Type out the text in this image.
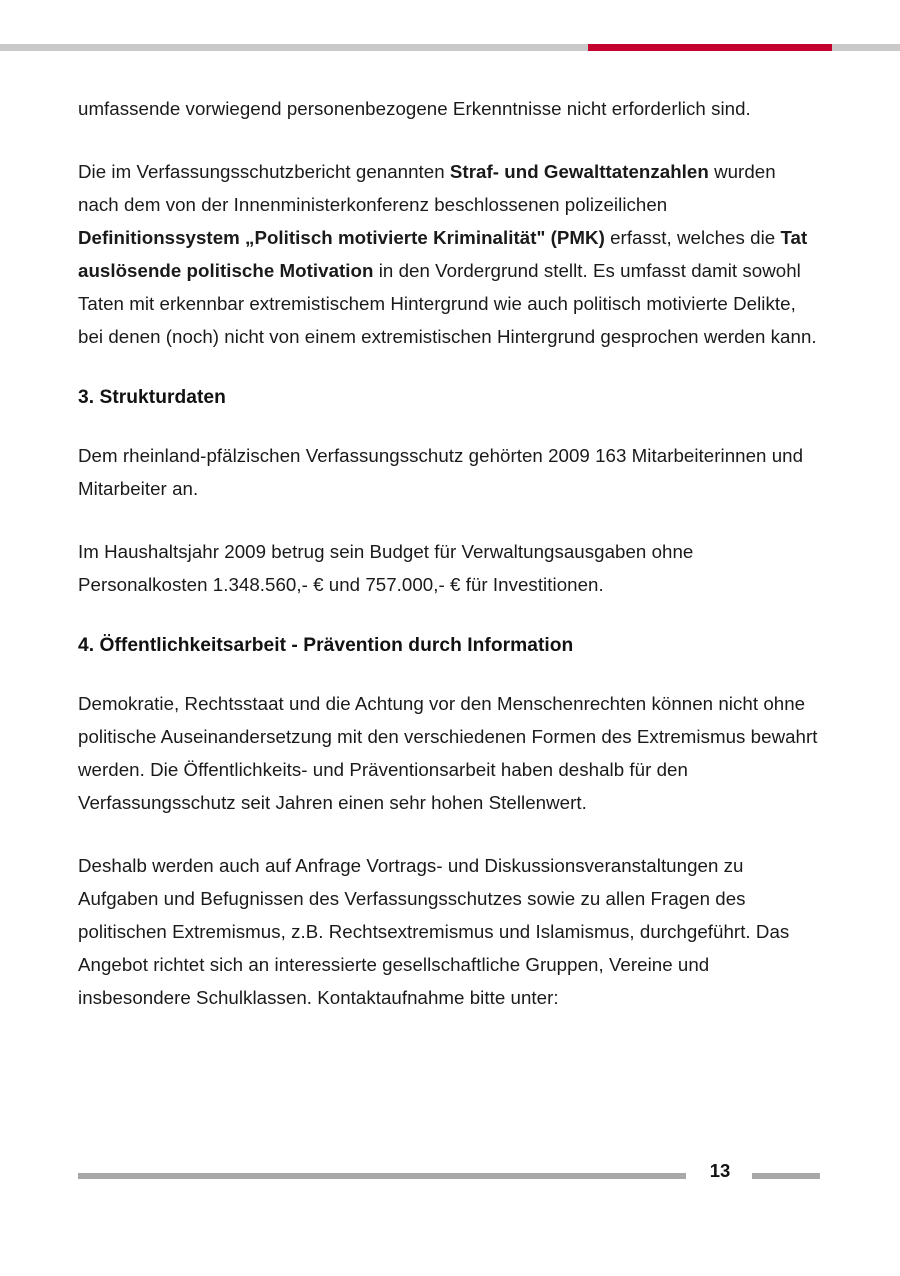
umfassende vorwiegend personenbezogene Erkenntnisse nicht erforderlich sind.

Die im Verfassungsschutzbericht genannten Straf- und Gewalttatenzahlen wurden nach dem von der Innenministerkonferenz beschlossenen polizeilichen Definitionssystem „Politisch motivierte Kriminalität" (PMK) erfasst, welches die Tat auslösende politische Motivation in den Vordergrund stellt. Es umfasst damit sowohl Taten mit erkennbar extremistischem Hintergrund wie auch politisch motivierte Delikte, bei denen (noch) nicht von einem extremistischen Hintergrund gesprochen werden kann.

3. Strukturdaten

Dem rheinland-pfälzischen Verfassungsschutz gehörten 2009 163 Mitarbeiterinnen und Mitarbeiter an.

Im Haushaltsjahr 2009 betrug sein Budget für Verwaltungsausgaben ohne Personalkosten 1.348.560,- € und 757.000,- € für Investitionen.

4. Öffentlichkeitsarbeit - Prävention durch Information

Demokratie, Rechtsstaat und die Achtung vor den Menschenrechten können nicht ohne politische Auseinandersetzung mit den verschiedenen Formen des Extremismus bewahrt werden. Die Öffentlichkeits- und Präventionsarbeit haben deshalb für den Verfassungsschutz seit Jahren einen sehr hohen Stellenwert.

Deshalb werden auch auf Anfrage Vortrags- und Diskussionsveranstaltungen zu Aufgaben und Befugnissen des Verfassungsschutzes sowie zu allen Fragen des politischen Extremismus, z.B. Rechtsextremismus und Islamismus, durchgeführt. Das Angebot richtet sich an interessierte gesellschaftliche Gruppen, Vereine und insbesondere Schulklassen. Kontaktaufnahme bitte unter:

13
